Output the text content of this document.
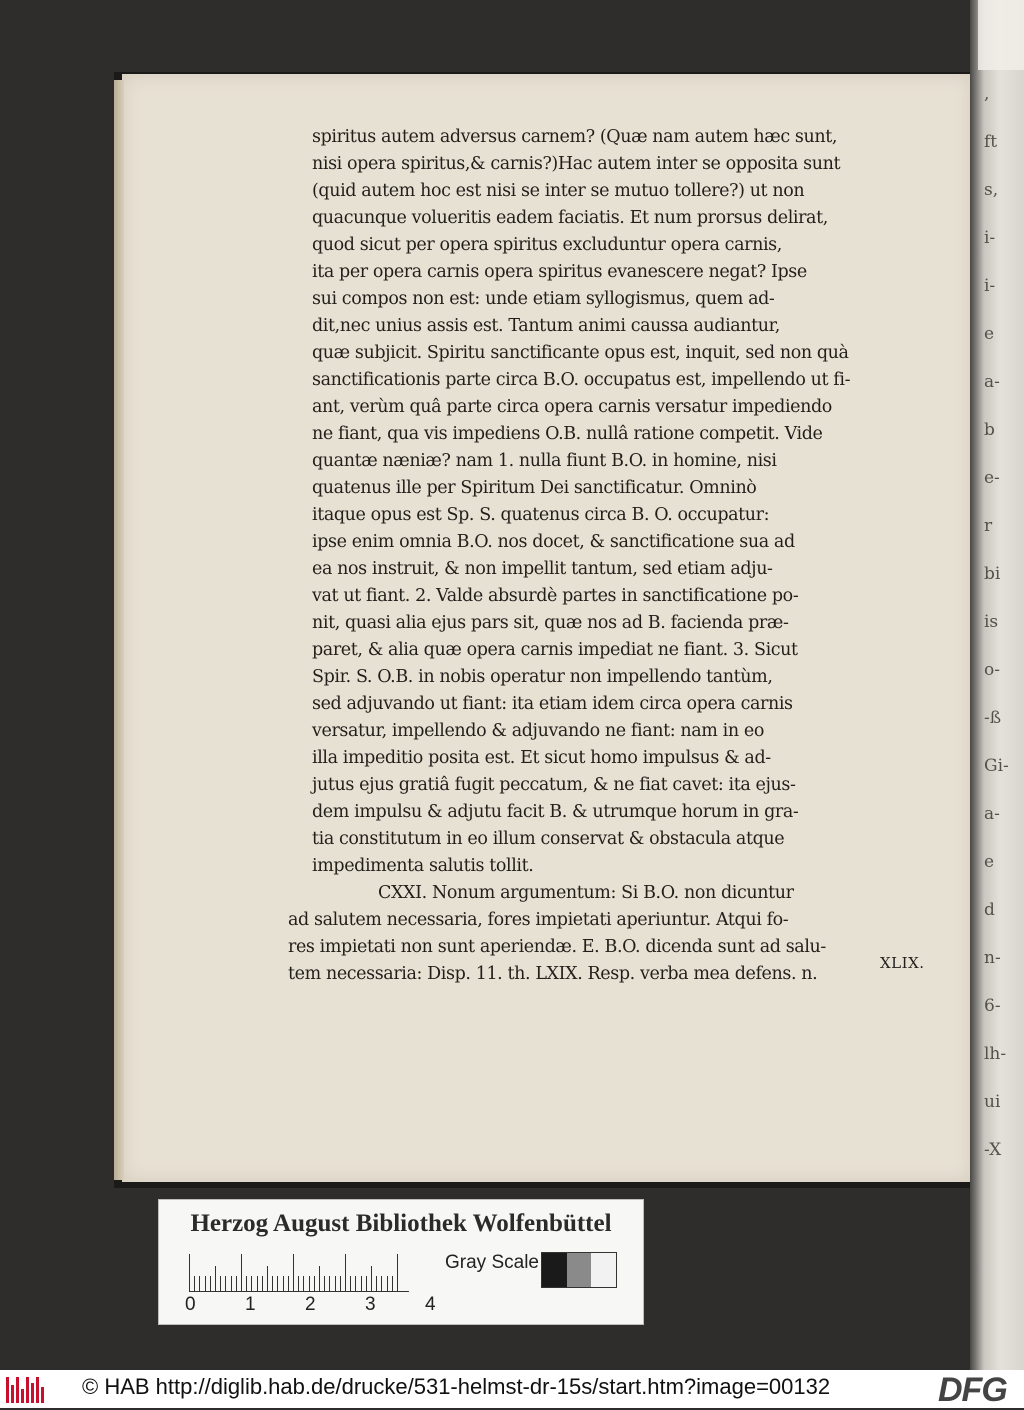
,
ft
s,
i-
i-
e
a-
b
e-
r
bi
is
o-
-ß
Gi-
a-
e
d
n-
6-
lh-
ui
-X
spiritus autem adversus carnem? (Quæ nam autem hæc sunt,
nisi opera spiritus,& carnis?)Hac autem inter se opposita sunt
(quid autem hoc est nisi se inter se mutuo tollere?) ut non
quacunque volueritis eadem faciatis. Et num prorsus delirat,
quod sicut per opera spiritus excluduntur opera carnis,
ita per opera carnis opera spiritus evanescere negat? Ipse
sui compos non est: unde etiam syllogismus, quem ad-
dit,nec unius assis est. Tantum animi caussa audiantur,
quæ subjicit. Spiritu sanctificante opus est, inquit, sed non quà
sanctificationis parte circa B.O. occupatus est, impellendo ut fi-
ant, verùm quâ parte circa opera carnis versatur impediendo
ne fiant, qua vis impediens O.B. nullâ ratione competit. Vide
quantæ næniæ? nam 1. nulla fiunt B.O. in homine, nisi
quatenus ille per Spiritum Dei sanctificatur. Omninò
itaque opus est Sp. S. quatenus circa B. O. occupatur:
ipse enim omnia B.O. nos docet, & sanctificatione sua ad
ea nos instruit, & non impellit tantum, sed etiam adju-
vat ut fiant. 2. Valde absurdè partes in sanctificatione po-
nit, quasi alia ejus pars sit, quæ nos ad B. facienda præ-
paret, & alia quæ opera carnis impediat ne fiant. 3. Sicut
Spir. S. O.B. in nobis operatur non impellendo tantùm,
sed adjuvando ut fiant: ita etiam idem circa opera carnis
versatur, impellendo & adjuvando ne fiant: nam in eo
illa impeditio posita est. Et sicut homo impulsus & ad-
jutus ejus gratiâ fugit peccatum, & ne fiat cavet: ita ejus-
dem impulsu & adjutu facit B. & utrumque horum in gra-
tia constitutum in eo illum conservat & obstacula atque
impedimenta salutis tollit.
CXXI. Nonum argumentum: Si B.O. non dicuntur
ad salutem necessaria, fores impietati aperiuntur. Atqui fo-
res impietati non sunt aperiendæ. E. B.O. dicenda sunt ad salu-
tem necessaria: Disp. 11. th. LXIX. Resp. verba mea defens. n.
XLIX.
Herzog August Bibliothek Wolfenbüttel
0	1	2	3	4
Gray Scale
© HAB http://diglib.hab.de/drucke/531-helmst-dr-15s/start.htm?image=00132	DFG
